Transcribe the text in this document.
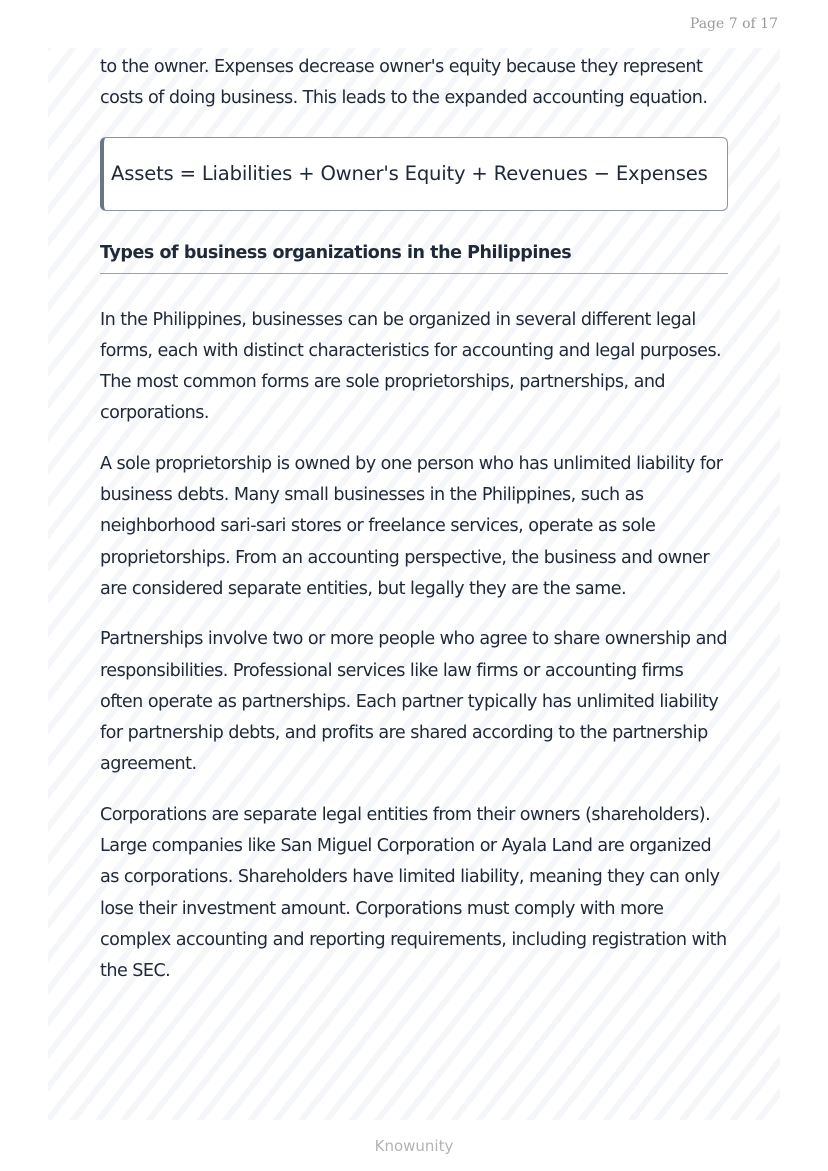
Page 7 of 17

to the owner. Expenses decrease owner's equity because they represent costs of doing business. This leads to the expanded accounting equation.

Assets = Liabilities + Owner's Equity + Revenues − Expenses
Types of business organizations in the Philippines

In the Philippines, businesses can be organized in several different legal forms, each with distinct characteristics for accounting and legal purposes. The most common forms are sole proprietorships, partnerships, and corporations.

A sole proprietorship is owned by one person who has unlimited liability for business debts. Many small businesses in the Philippines, such as neighborhood sari-sari stores or freelance services, operate as sole proprietorships. From an accounting perspective, the business and owner are considered separate entities, but legally they are the same.

Partnerships involve two or more people who agree to share ownership and responsibilities. Professional services like law firms or accounting firms often operate as partnerships. Each partner typically has unlimited liability for partnership debts, and profits are shared according to the partnership agreement.

Corporations are separate legal entities from their owners (shareholders). Large companies like San Miguel Corporation or Ayala Land are organized as corporations. Shareholders have limited liability, meaning they can only lose their investment amount. Corporations must comply with more complex accounting and reporting requirements, including registration with the SEC.

Knowunity
